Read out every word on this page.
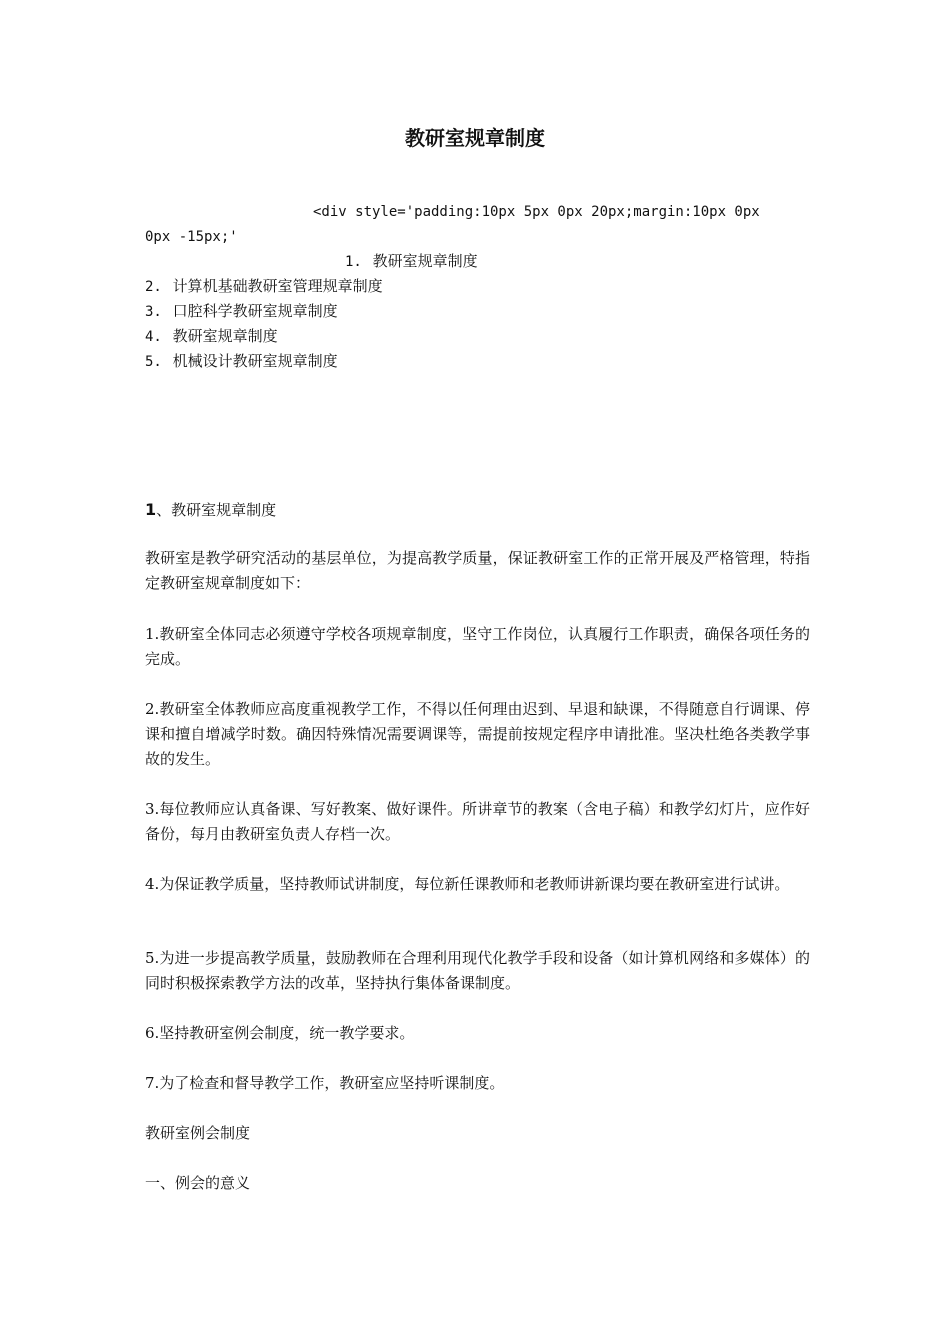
教研室规章制度
<div style='padding:10px 5px 0px 20px;margin:10px 0px
0px -15px;'
1. 教研室规章制度
2. 计算机基础教研室管理规章制度
3. 口腔科学教研室规章制度
4. 教研室规章制度
5. 机械设计教研室规章制度
1、教研室规章制度
教研室是教学研究活动的基层单位，为提高教学质量，保证教研室工作的正常开展及严格管理，特指定教研室规章制度如下：
1.教研室全体同志必须遵守学校各项规章制度，坚守工作岗位，认真履行工作职责，确保各项任务的完成。
2.教研室全体教师应高度重视教学工作，不得以任何理由迟到、早退和缺课，不得随意自行调课、停课和擅自增减学时数。确因特殊情况需要调课等，需提前按规定程序申请批准。坚决杜绝各类教学事故的发生。
3.每位教师应认真备课、写好教案、做好课件。所讲章节的教案（含电子稿）和教学幻灯片，应作好备份，每月由教研室负责人存档一次。
4.为保证教学质量，坚持教师试讲制度，每位新任课教师和老教师讲新课均要在教研室进行试讲。
5.为进一步提高教学质量，鼓励教师在合理利用现代化教学手段和设备（如计算机网络和多媒体）的同时积极探索教学方法的改革，坚持执行集体备课制度。
6.坚持教研室例会制度，统一教学要求。
7.为了检查和督导教学工作，教研室应坚持听课制度。
教研室例会制度
一、例会的意义
